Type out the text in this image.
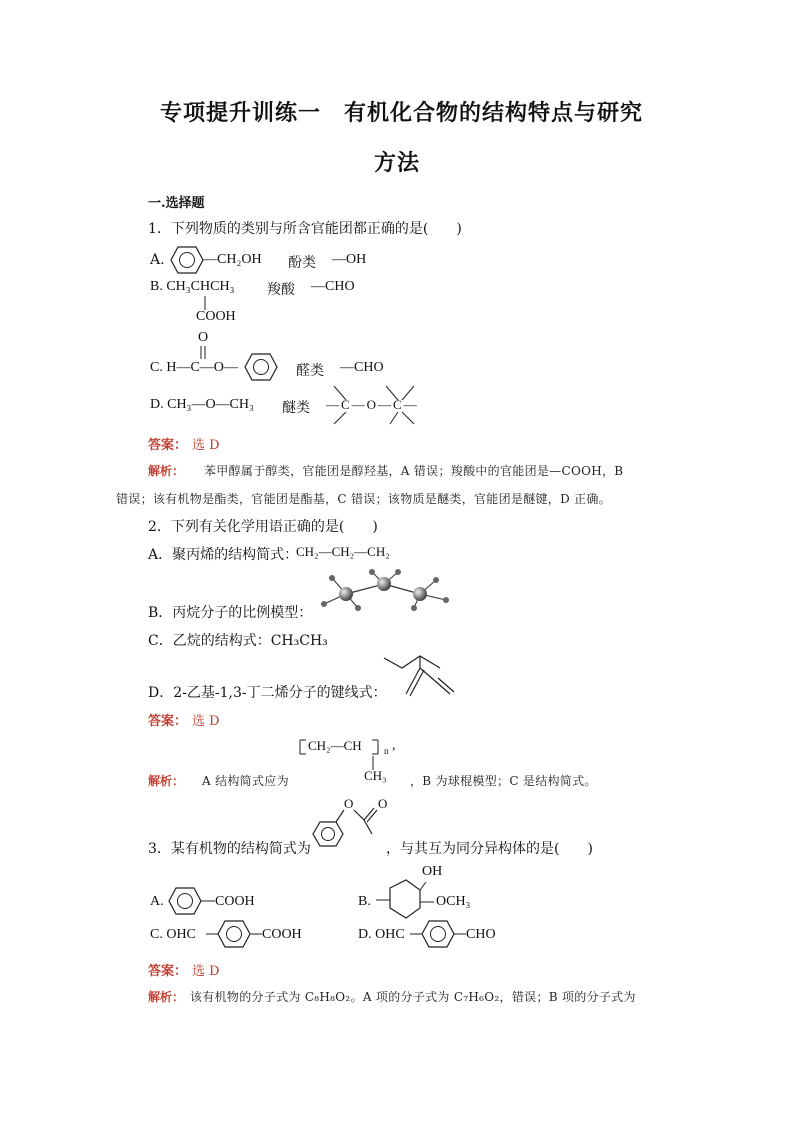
专项提升训练一　有机化合物的结构特点与研究
方法
一.选择题
1．下列物质的类别与所含官能团都正确的是(　　)
A.	—CH₂OH 酚类 —OH
B. CH₃CHCH₃
COOH
羧酸 —CHO
O
C. H—C—O—	醛类 —CHO
D. CH₃—O—CH₃ 醚类 —C—O—C—
答案： 选 D
解析： 苯甲醇属于醇类，官能团是醇羟基，A 错误；羧酸中的官能团是—COOH，B
错误；该有机物是酯类，官能团是酯基，C 错误；该物质是醚类，官能团是醚键，D 正确。
2．下列有关化学用语正确的是(　　)
A．聚丙烯的结构简式：
CH₂—CH₂—CH₂
B．丙烷分子的比例模型：
C．乙烷的结构式：CH₃CH₃
D．2-乙基-1,3-丁二烯分子的键线式：
答案： 选 D
CH₂—CH n ,
CH₃
解析： A 结构简式应为	，B 为球棍模型；C 是结构简式。
O O
3．某有机物的结构简式为	，与其互为同分异构体的是(　　)
A.	COOH	B.
OH
OCH₃
C. OHC	COOH	D. OHC	CHO
答案： 选 D
解析： 该有机物的分子式为 C₈H₈O₂。A 项的分子式为 C₇H₆O₂，错误；B 项的分子式为
